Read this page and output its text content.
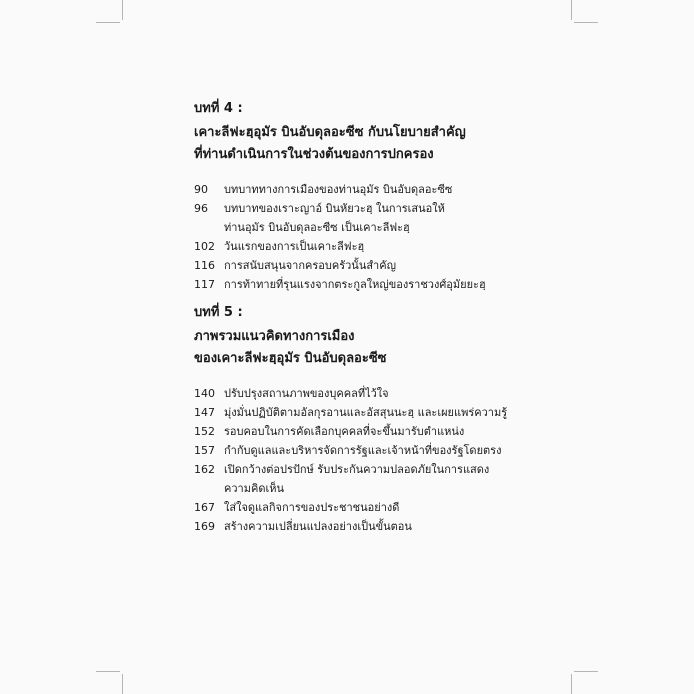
บทที่ 4 :
เคาะลีฟะฮฺอุมัร บินอับดุลอะซีซ กับนโยบายสำคัญ
ที่ท่านดำเนินการในช่วงต้นของการปกครอง
90	บทบาททางการเมืองของท่านอุมัร บินอับดุลอะซีซ
96	บทบาทของเราะญาอ์ บินหัยวะฮฺ ในการเสนอให้
ท่านอุมัร บินอับดุลอะซีซ เป็นเคาะลีฟะฮฺ
102 วันแรกของการเป็นเคาะลีฟะฮฺ
116 การสนับสนุนจากครอบครัวนั้นสำคัญ
117 การท้าทายที่รุนแรงจากตระกูลใหญ่ของราชวงศ์อุมัยยะฮฺ
บทที่ 5 :
ภาพรวมแนวคิดทางการเมือง
ของเคาะลีฟะฮฺอุมัร บินอับดุลอะซีซ
140 ปรับปรุงสถานภาพของบุคคลที่ไว้ใจ
147 มุ่งมั่นปฏิบัติตามอัลกุรอานและอัสสุนนะฮฺ และเผยแพร่ความรู้
152 รอบคอบในการคัดเลือกบุคคลที่จะขึ้นมารับตำแหน่ง
157 กำกับดูแลและบริหารจัดการรัฐและเจ้าหน้าที่ของรัฐโดยตรง
162 เปิดกว้างต่อปรปักษ์ รับประกันความปลอดภัยในการแสดง
ความคิดเห็น
167 ใส่ใจดูแลกิจการของประชาชนอย่างดี
169 สร้างความเปลี่ยนแปลงอย่างเป็นขั้นตอน
